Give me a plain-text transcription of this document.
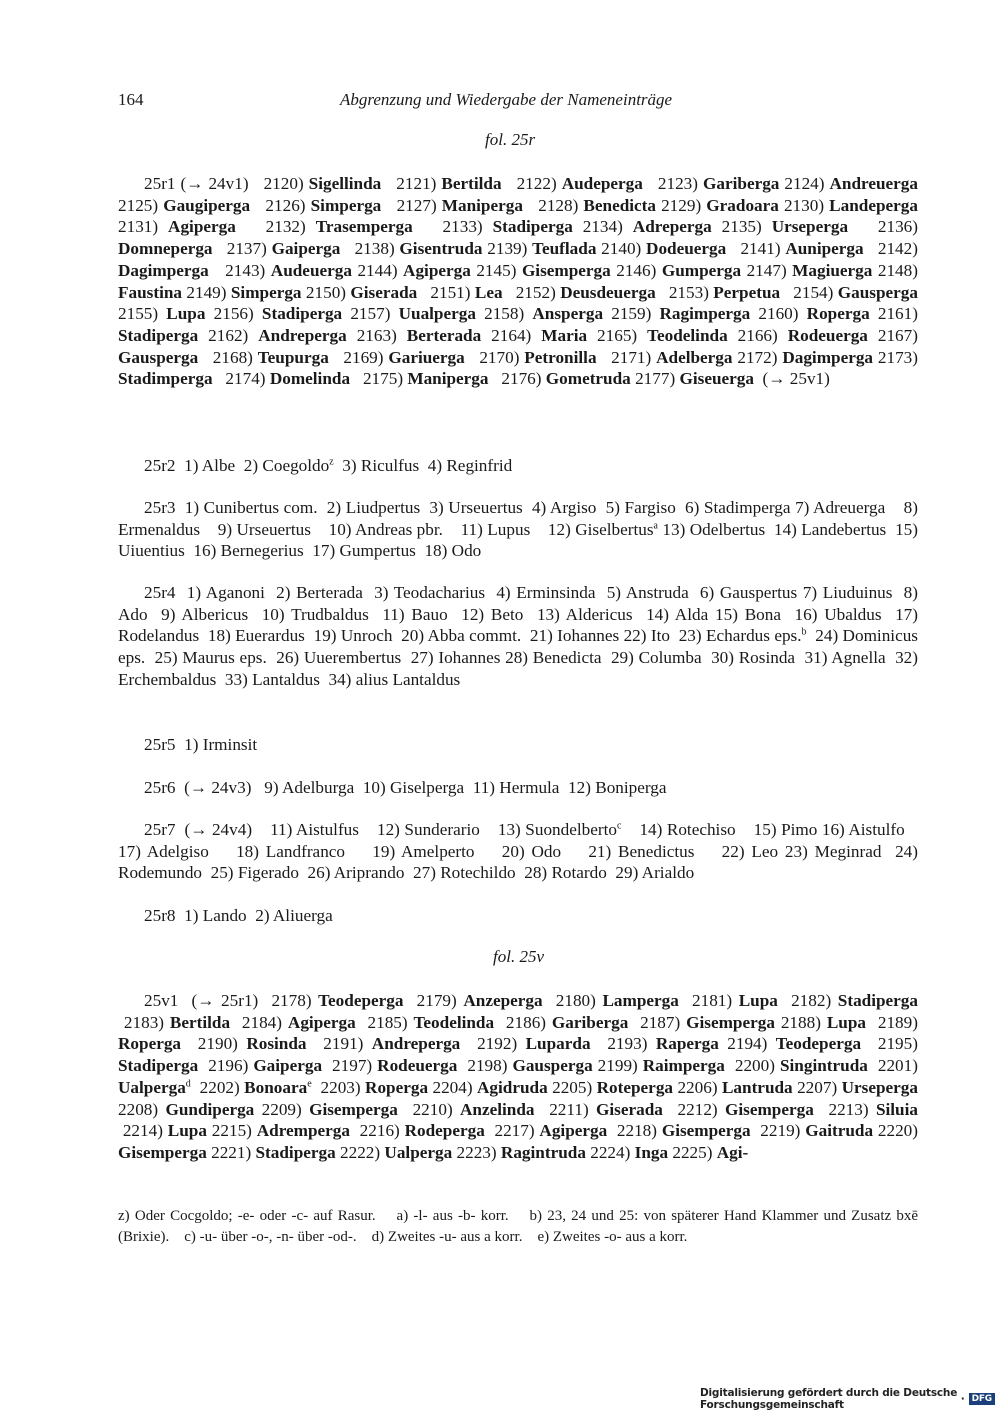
164	Abgrenzung und Wiedergabe der Nameneinträge
fol. 25r
25r1 (→ 24v1)   2120) Sigellinda   2121) Bertilda   2122) Audeperga   2123) Gariberga 2124) Andreuerga 2125) Gaugiperga   2126) Simperga   2127) Maniperga   2128) Benedicta 2129) Gradoara 2130) Landeperga 2131) Agiperga   2132) Trasemperga   2133) Stadiperga 2134) Adreperga 2135) Urseperga   2136) Domneperga   2137) Gaiperga   2138) Gisentruda 2139) Teuflada 2140) Dodeuerga   2141) Auniperga   2142) Dagimperga   2143) Audeuerga 2144) Agiperga 2145) Gisemperga 2146) Gumperga 2147) Magiuerga 2148) Faustina 2149) Simperga 2150) Giserada   2151) Lea   2152) Deusdeuerga   2153) Perpetua   2154) Gausperga 2155) Lupa 2156) Stadiperga 2157) Uualperga 2158) Ansperga 2159) Ragimperga 2160) Roperga 2161) Stadiperga 2162) Andreperga 2163) Berterada 2164) Maria 2165) Teodelinda 2166) Rodeuerga 2167) Gausperga   2168) Teupurga   2169) Gariuerga   2170) Petronilla   2171) Adelberga 2172) Dagimperga 2173) Stadimperga   2174) Domelinda   2175) Maniperga   2176) Gometruda 2177) Giseuerga  (→ 25v1)
25r2  1) Albe  2) Coegoldo$^z$  3) Riculfus  4) Reginfrid
25r3  1) Cunibertus com.  2) Liudpertus  3) Urseuertus  4) Argiso  5) Fargiso  6) Stadimperga 7) Adreuerga    8) Ermenaldus    9) Urseuertus    10) Andreas pbr.    11) Lupus    12) Giselbertus$^a$ 13) Odelbertus  14) Landebertus  15) Uiuentius  16) Bernegerius  17) Gumpertus  18) Odo
25r4  1) Aganoni  2) Berterada  3) Teodacharius  4) Erminsinda  5) Anstruda  6) Gauspertus 7) Liuduinus  8) Ado  9) Albericus  10) Trudbaldus  11) Bauo  12) Beto  13) Aldericus  14) Alda 15) Bona  16) Ubaldus  17) Rodelandus  18) Euerardus  19) Unroch  20) Abba commt.  21) Iohannes 22) Ito  23) Echardus eps.$^b$  24) Dominicus eps.  25) Maurus eps.  26) Uuerembertus  27) Iohannes 28) Benedicta  29) Columba  30) Rosinda  31) Agnella  32) Erchembaldus  33) Lantaldus  34) alius Lantaldus
25r5  1) Irminsit
25r6  (→ 24v3)   9) Adelburga  10) Giselperga  11) Hermula  12) Boniperga
25r7  (→ 24v4)    11) Aistulfus    12) Sunderario    13) Suondelberto$^c$    14) Rotechiso    15) Pimo 16) Aistulfo    17) Adelgiso    18) Landfranco    19) Amelperto    20) Odo    21) Benedictus    22) Leo 23) Meginrad  24) Rodemundo  25) Figerado  26) Ariprando  27) Rotechildo  28) Rotardo  29) Arialdo
25r8  1) Lando  2) Aliuerga
fol. 25v
25v1  (→ 25r1)  2178) Teodeperga  2179) Anzeperga  2180) Lamperga  2181) Lupa  2182) Stadiperga  2183) Bertilda  2184) Agiperga  2185) Teodelinda  2186) Gariberga  2187) Gisemperga 2188) Lupa  2189) Roperga  2190) Rosinda  2191) Andreperga  2192) Luparda  2193) Raperga 2194) Teodeperga  2195) Stadiperga  2196) Gaiperga  2197) Rodeuerga  2198) Gausperga 2199) Raimperga  2200) Singintruda  2201) Ualperga$^d$  2202) Bonoara$^e$  2203) Roperga 2204) Agidruda 2205) Roteperga 2206) Lantruda 2207) Urseperga 2208) Gundiperga 2209) Gisemperga  2210) Anzelinda  2211) Giserada  2212) Gisemperga  2213) Siluia  2214) Lupa 2215) Adremperga  2216) Rodeperga  2217) Agiperga  2218) Gisemperga  2219) Gaitruda 2220) Gisemperga 2221) Stadiperga 2222) Ualperga 2223) Ragintruda 2224) Inga 2225) Agi-
z) Oder Cocgoldo; -e- oder -c- auf Rasur. a) -l- aus -b- korr. b) 23, 24 und 25: von späterer Hand Klammer und Zusatz bxē (Brixie). c) -u- über -o-, -n- über -od-. d) Zweites -u- aus a korr. e) Zweites -o- aus a korr.
Digitalisierung gefördert durch die Deutsche Forschungsgemeinschaft	· DFG
